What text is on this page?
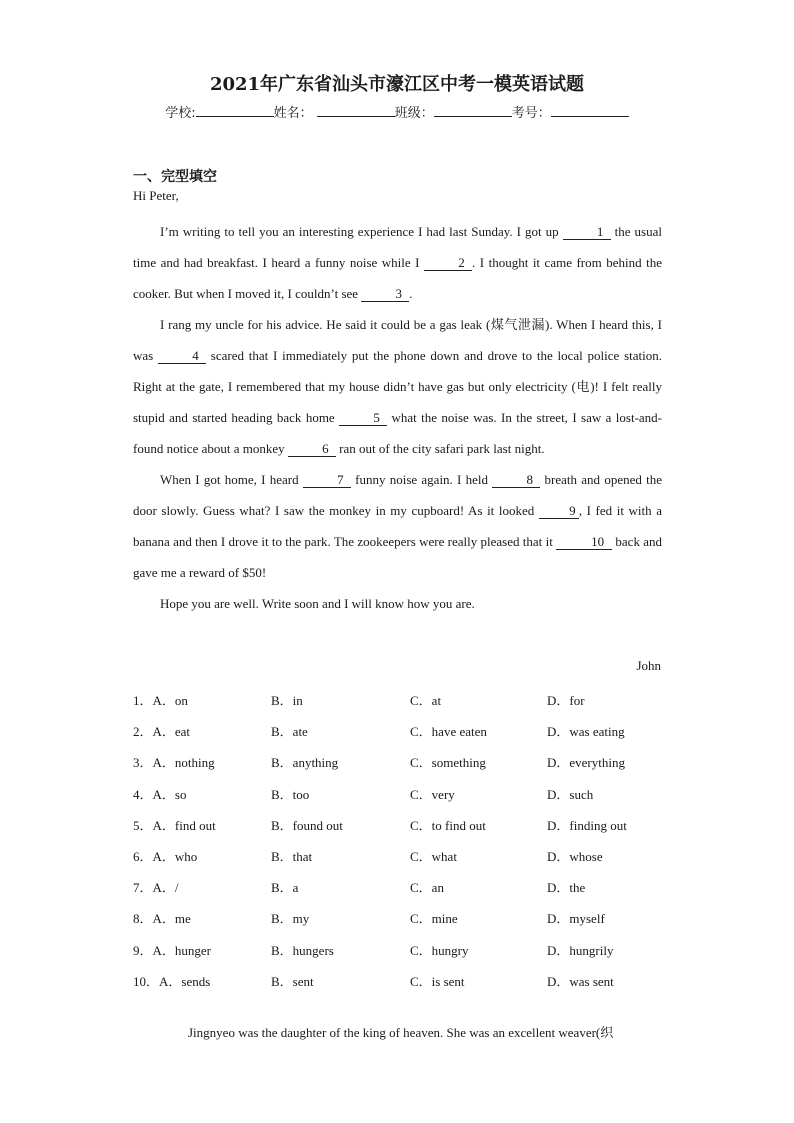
2021年广东省汕头市濠江区中考一模英语试题
学校:	姓名：	班级：	考号：
一、完型填空
Hi Peter,

I’m writing to tell you an interesting experience I had last Sunday. I got up	1 the usual time and had breakfast. I heard a funny noise while I	2 . I thought it came from behind the cooker. But when I moved it, I couldn’t see	3 .

I rang my uncle for his advice. He said it could be a gas leak (煤气泄漏). When I heard this, I was	4 scared that I immediately put the phone down and drove to the local police station. Right at the gate, I remembered that my house didn’t have gas but only electricity (电)! I felt really stupid and started heading back home	5 what the noise was. In the street, I saw a lost-and-found notice about a monkey	6 ran out of the city safari park last night.

When I got home, I heard	7 funny noise again. I held	8 breath and opened the door slowly. Guess what? I saw the monkey in my cupboard! As it looked 9 , I fed it with a banana and then I drove it to the park. The zookeepers were really pleased that it	10 back and gave me a reward of $50!

Hope you are well. Write soon and I will know how you are.

John
1．A．on	B．in	C．at	D．for
2．A．eat	B．ate	C．have eaten	D．was eating
3．A．nothing	B．anything	C．something	D．everything
4．A．so	B．too	C．very	D．such
5．A．find out	B．found out	C．to find out	D．finding out
6．A．who	B．that	C．what	D．whose
7．A．/	B．a	C．an	D．the
8．A．me	B．my	C．mine	D．myself
9．A．hunger	B．hungers	C．hungry	D．hungrily
10．A．sends	B．sent	C．is sent	D．was sent
Jingnyeo was the daughter of the king of heaven. She was an excellent weaver(织
